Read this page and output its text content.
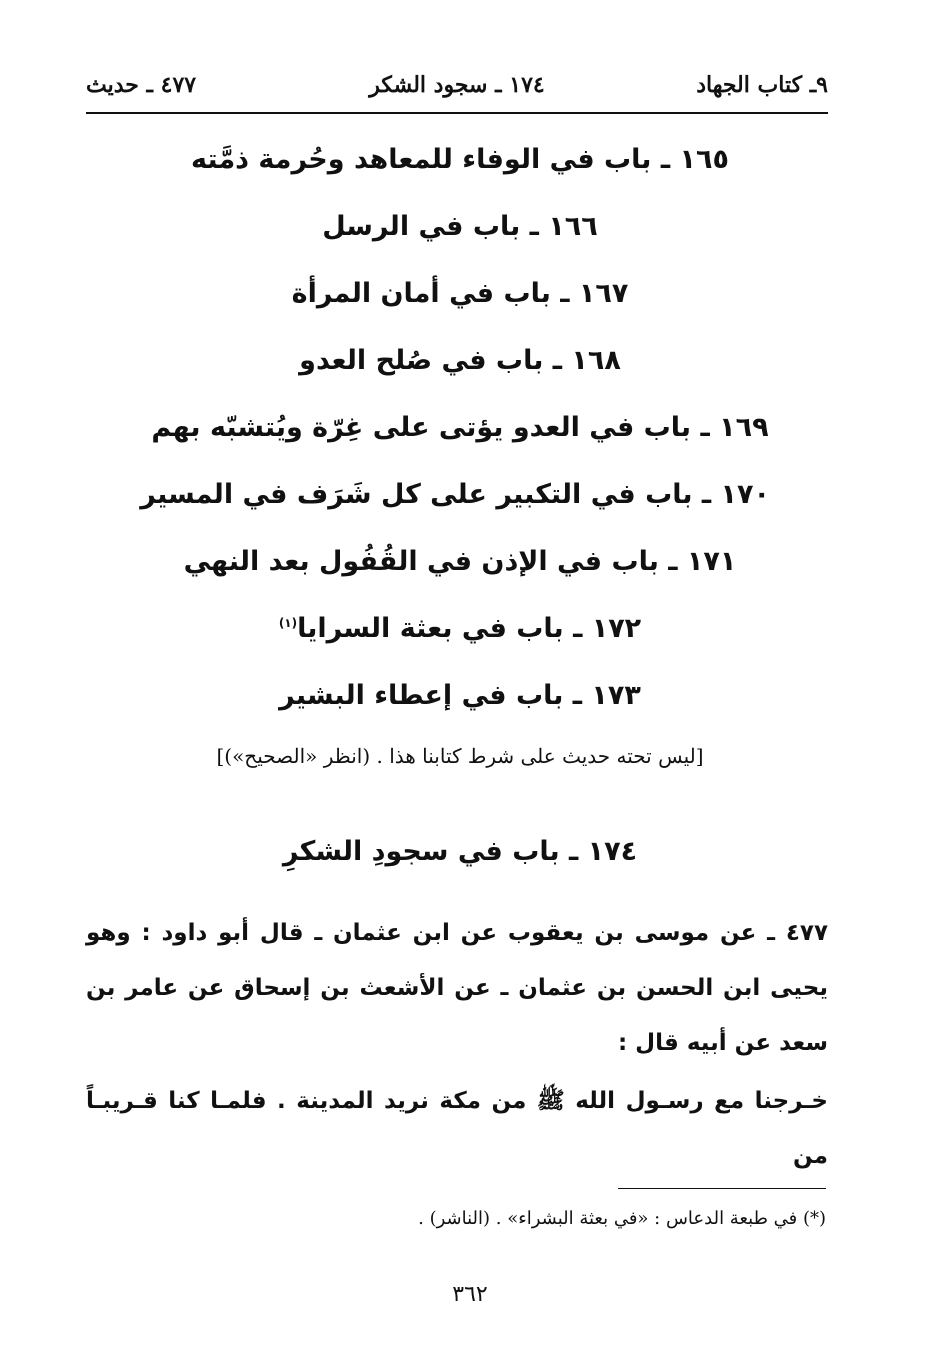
٩ـ كتاب الجهاد
١٧٤ ـ سجود الشكر
٤٧٧ ـ حديث
١٦٥ ـ باب في الوفاء للمعاهد وحُرمة ذمَّته
١٦٦ ـ باب في الرسل
١٦٧ ـ باب في أمان المرأة
١٦٨ ـ باب في صُلح العدو
١٦٩ ـ باب في العدو يؤتى على غِرّة ويُتشبّه بهم
١٧٠ ـ باب في التكبير على كل شَرَف في المسير
١٧١ ـ باب في الإذن في القُفُول بعد النهي
١٧٢ ـ باب في بعثة السرايا$^{(١)}$
١٧٣ ـ باب في إعطاء البشير
[ليس تحته حديث على شرط كتابنا هذا . (انظر «الصحيح»)]
١٧٤ ـ باب في سجودِ الشكرِ
٤٧٧ ـ عن موسى بن يعقوب عن ابن عثمان ـ قال أبو داود : وهو يحيى ابن الحسن بن عثمان ـ عن الأشعث بن إسحاق عن عامر بن سعد عن أبيه قال :
خـرجنا مع رسـول الله ﷺ من مكة نريد المدينة . فلمـا كنا قـريبـاً من
(*) في طبعة الدعاس : «في بعثة البشراء» . (الناشر) .
٣٦٢
